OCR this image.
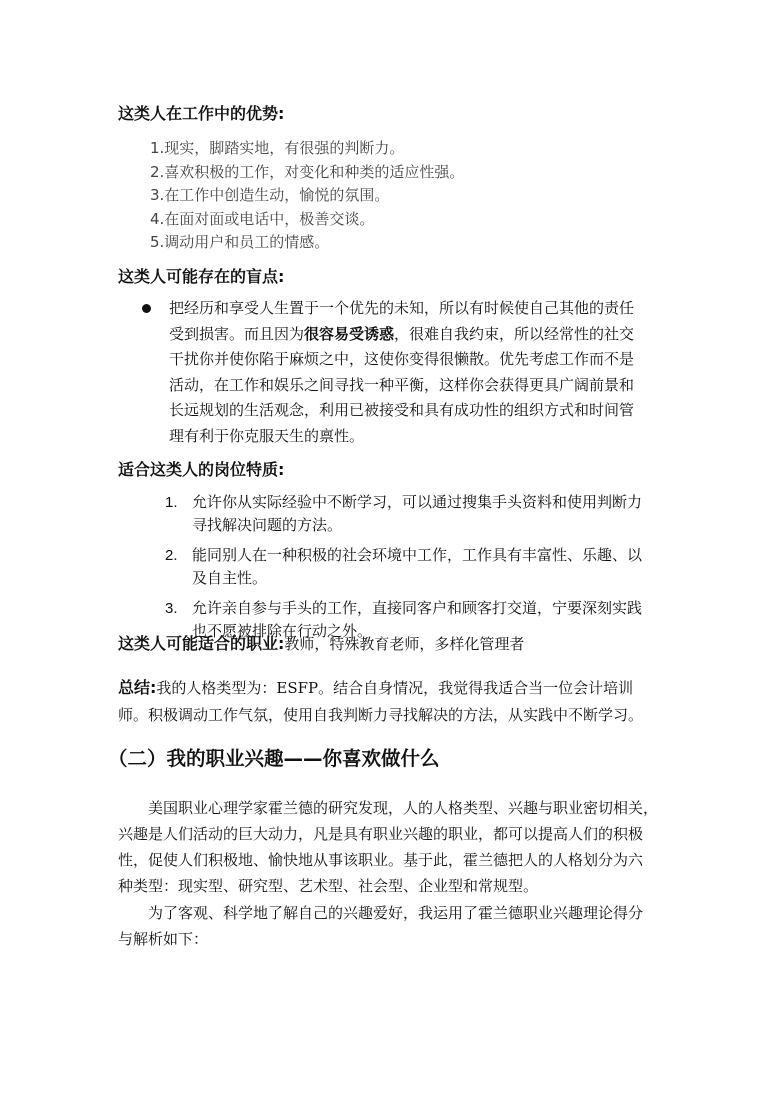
这类人在工作中的优势:
1.现实，脚踏实地，有很强的判断力。
2.喜欢积极的工作，对变化和种类的适应性强。
3.在工作中创造生动，愉悦的氛围。
4.在面对面或电话中，极善交谈。
5.调动用户和员工的情感。
这类人可能存在的盲点:
把经历和享受人生置于一个优先的未知，所以有时候使自己其他的责任
受到损害。而且因为很容易受诱惑，很难自我约束，所以经常性的社交
干扰你并使你陷于麻烦之中，这使你变得很懒散。优先考虑工作而不是
活动，在工作和娱乐之间寻找一种平衡，这样你会获得更具广阔前景和
长远规划的生活观念，利用已被接受和具有成功性的组织方式和时间管
理有利于你克服天生的禀性。
适合这类人的岗位特质:
1. 允许你从实际经验中不断学习，可以通过搜集手头资料和使用判断力
寻找解决问题的方法。
2. 能同别人在一种积极的社会环境中工作，工作具有丰富性、乐趣、以
及自主性。
3. 允许亲自参与手头的工作，直接同客户和顾客打交道，宁要深刻实践
也不愿被排除在行动之外。
这类人可能适合的职业:教师，特殊教育老师，多样化管理者
总结:我的人格类型为：ESFP。结合自身情况，我觉得我适合当一位会计培训
师。积极调动工作气氛，使用自我判断力寻找解决的方法，从实践中不断学习。
（二）我的职业兴趣——你喜欢做什么
美国职业心理学家霍兰德的研究发现，人的人格类型、兴趣与职业密切相关，
兴趣是人们活动的巨大动力，凡是具有职业兴趣的职业，都可以提高人们的积极
性，促使人们积极地、愉快地从事该职业。基于此，霍兰德把人的人格划分为六
种类型：现实型、研究型、艺术型、社会型、企业型和常规型。
为了客观、科学地了解自己的兴趣爱好，我运用了霍兰德职业兴趣理论得分
与解析如下：
